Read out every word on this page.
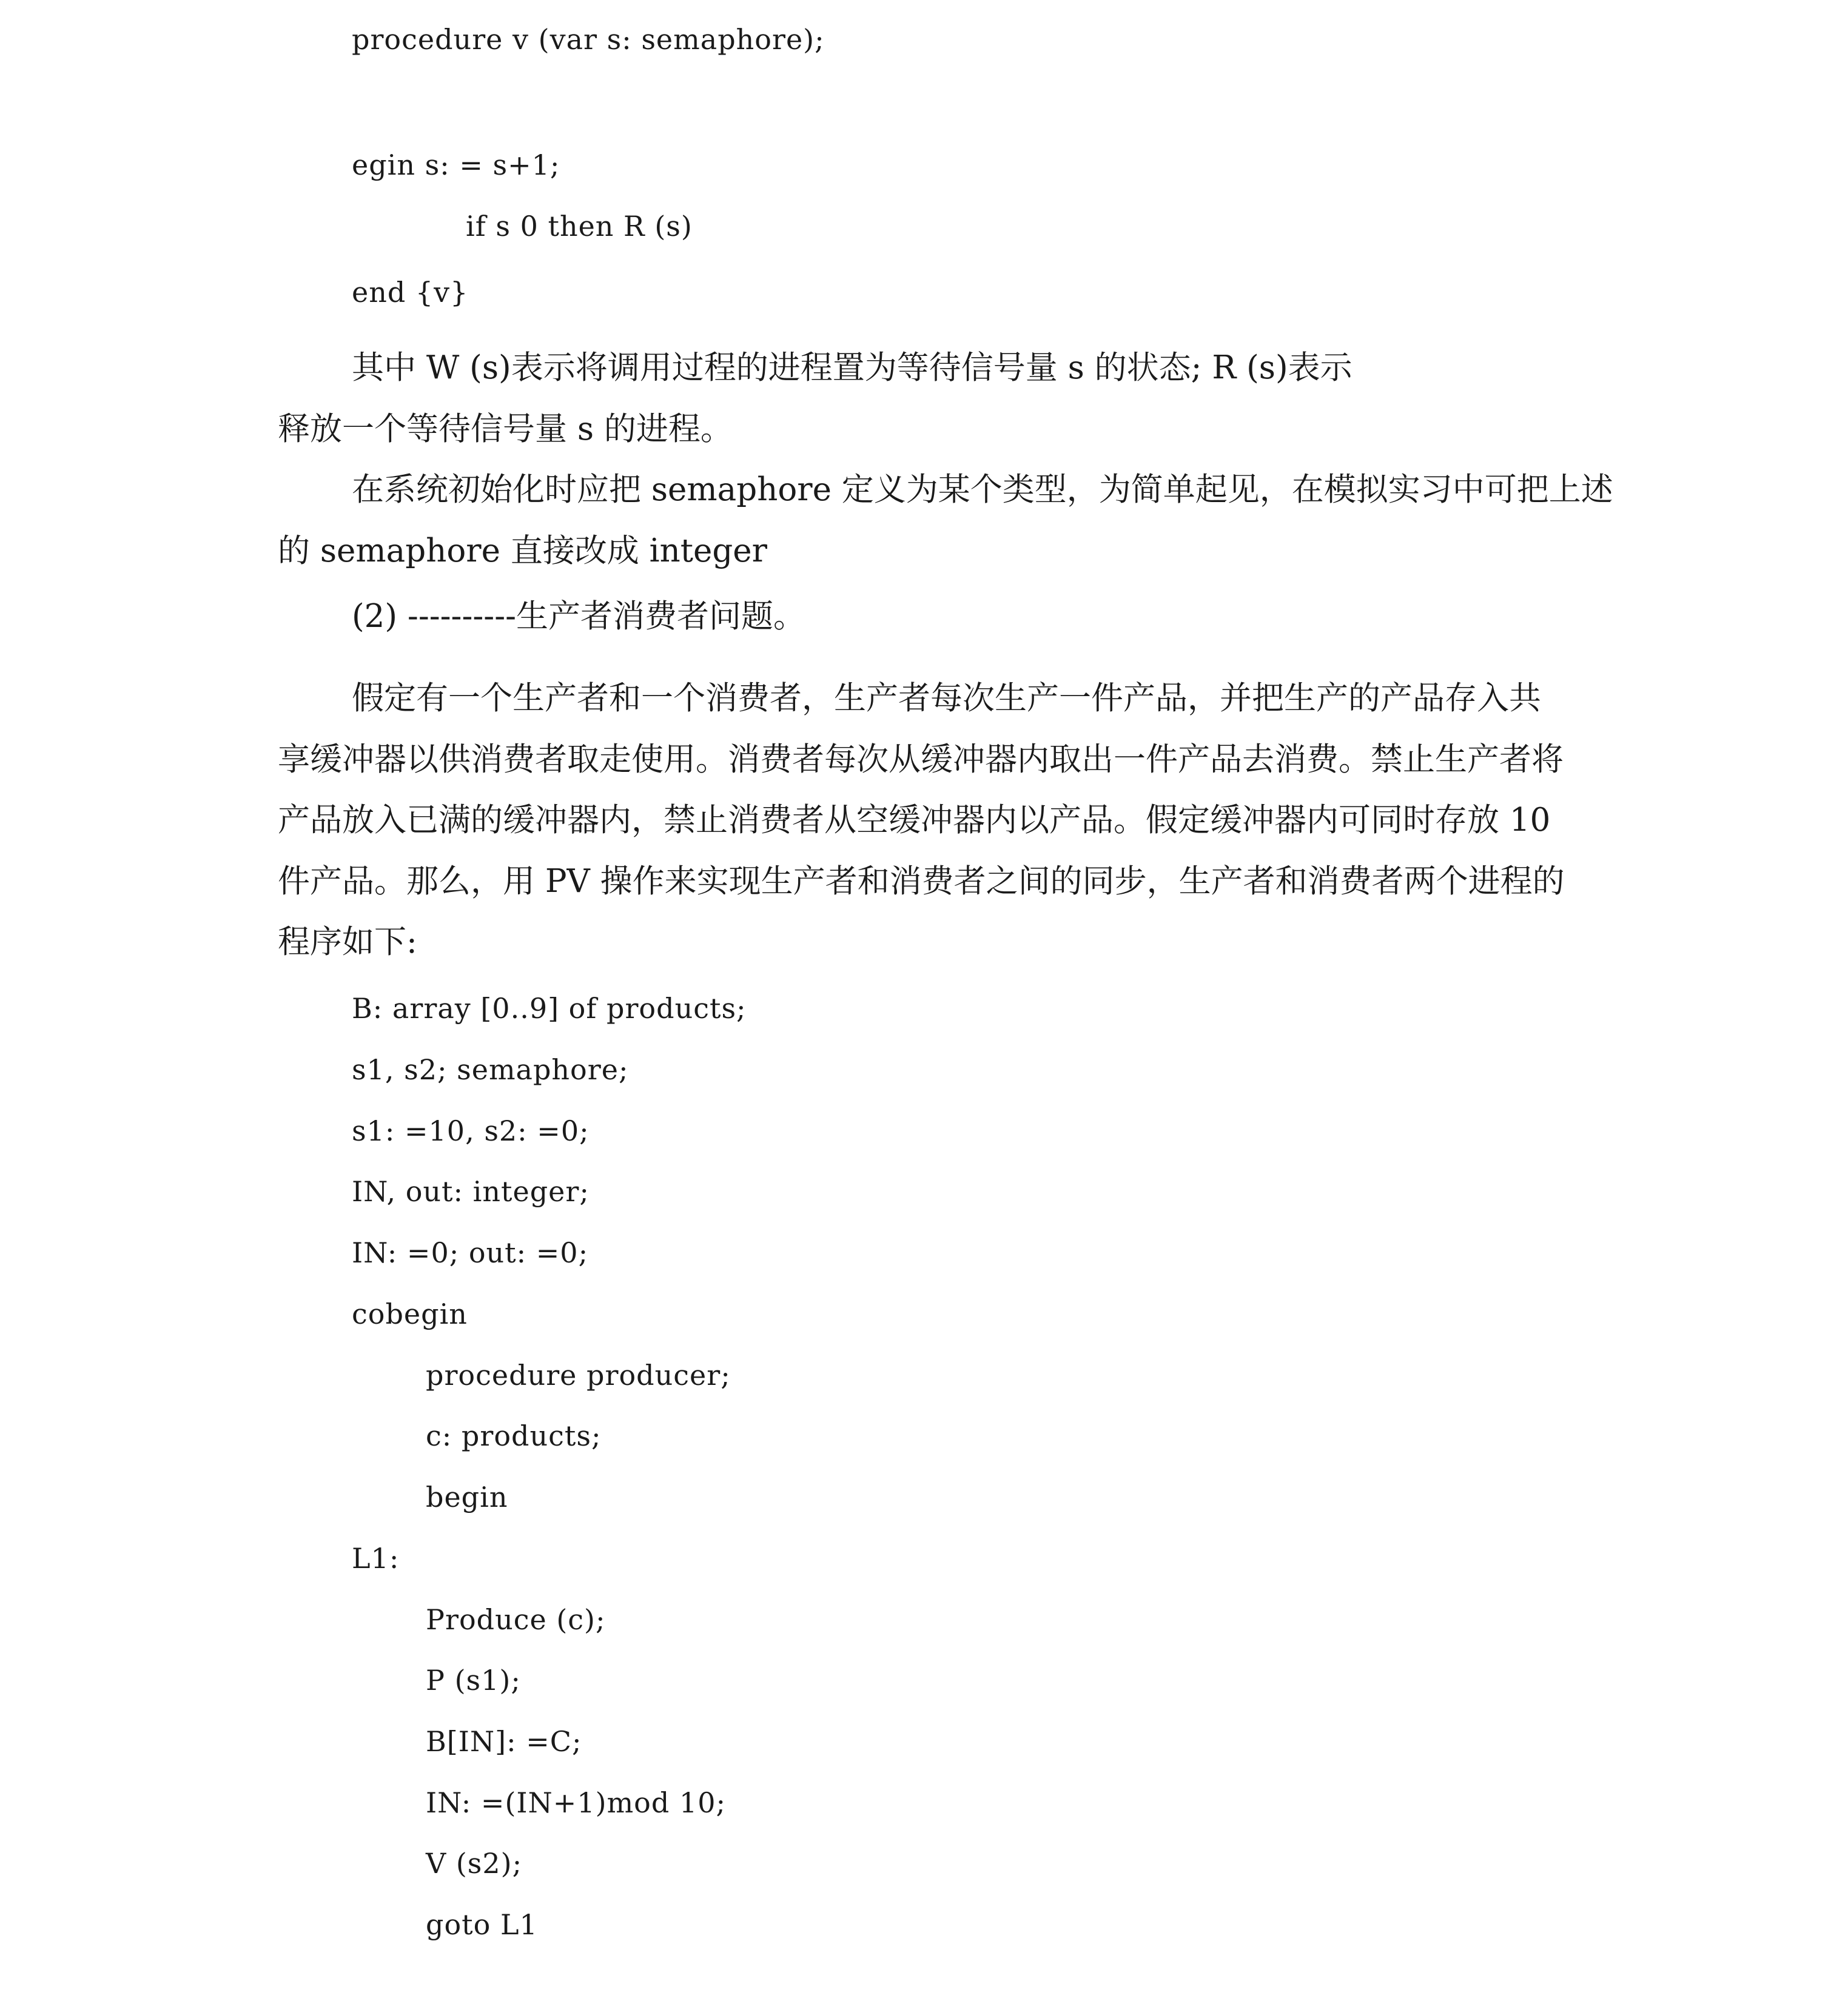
procedure v (var s: semaphore);
egin s: = s+1;
if s 0 then R (s)
end {v}
其中 W (s)表示将调用过程的进程置为等待信号量 s 的状态; R (s)表示
释放一个等待信号量 s 的进程。
在系统初始化时应把 semaphore 定义为某个类型，为简单起见，在模拟实习中可把上述
的 semaphore 直接改成 integer
(2) ----------生产者消费者问题。
假定有一个生产者和一个消费者，生产者每次生产一件产品，并把生产的产品存入共
享缓冲器以供消费者取走使用。消费者每次从缓冲器内取出一件产品去消费。禁止生产者将
产品放入已满的缓冲器内，禁止消费者从空缓冲器内以产品。假定缓冲器内可同时存放 10
件产品。那么，用 PV 操作来实现生产者和消费者之间的同步，生产者和消费者两个进程的
程序如下:
B: array [0..9] of products;
s1, s2; semaphore;
s1: =10, s2: =0;
IN, out: integer;
IN: =0; out: =0;
cobegin
procedure producer;
c: products;
begin
L1:
Produce (c);
P (s1);
B[IN]: =C;
IN: =(IN+1)mod 10;
V (s2);
goto L1
